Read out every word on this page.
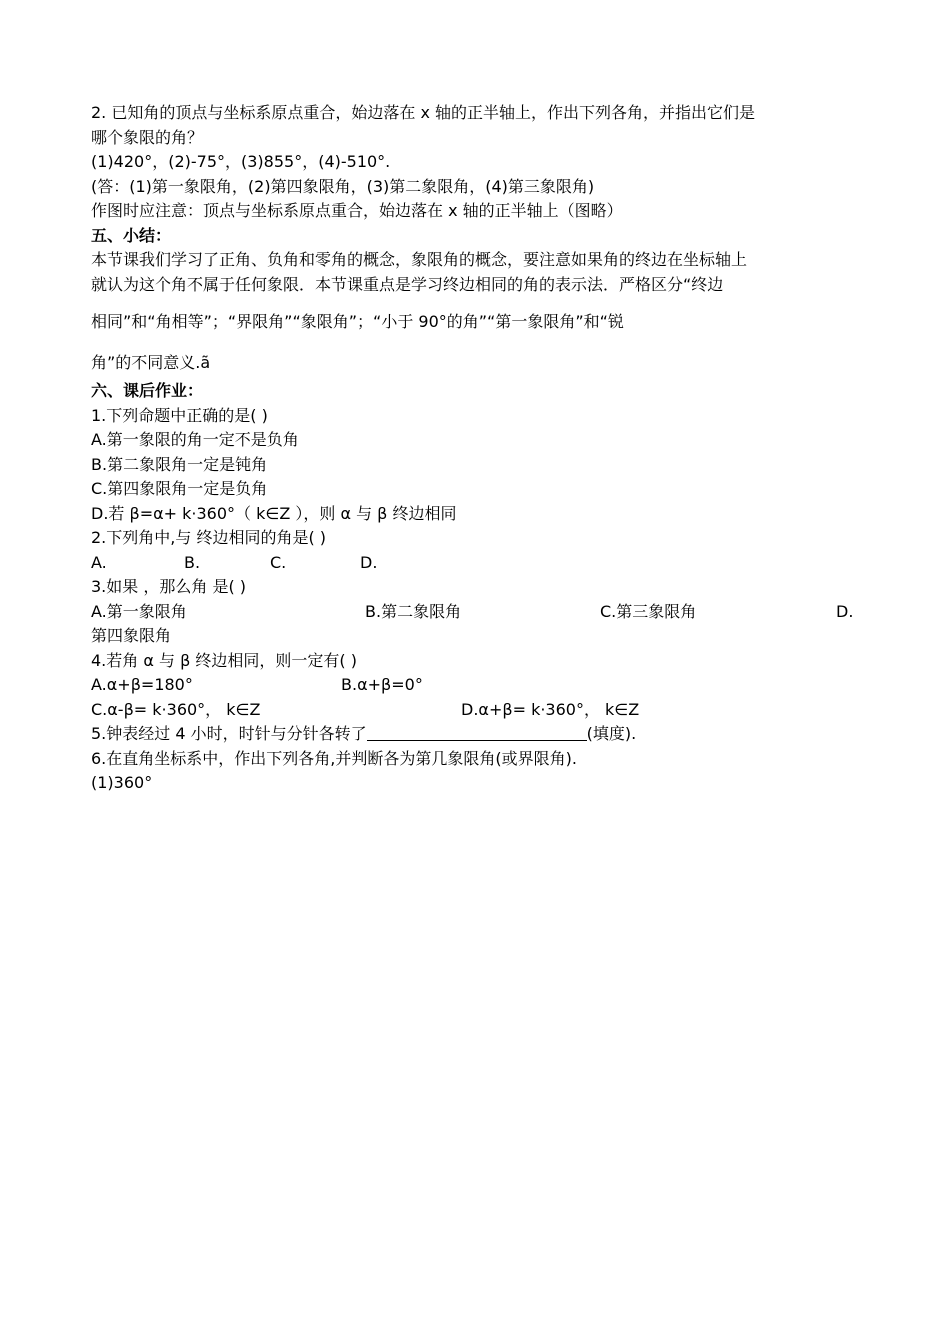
2. 已知角的顶点与坐标系原点重合，始边落在 x 轴的正半轴上，作出下列各角，并指出它们是
哪个象限的角？
(1)420°，(2)-75°，(3)855°，(4)-510°.
(答：(1)第一象限角，(2)第四象限角，(3)第二象限角，(4)第三象限角)
作图时应注意：顶点与坐标系原点重合，始边落在 x 轴的正半轴上（图略）
五、小结：
本节课我们学习了正角、负角和零角的概念，象限角的概念，要注意如果角的终边在坐标轴上
就认为这个角不属于任何象限．本节课重点是学习终边相同的角的表示法．严格区分“终边
相同”和“角相等”；“界限角”“象限角”；“小于 90°的角”“第一象限角”和“锐
角”的不同意义.ã
六、课后作业：
1.下列命题中正确的是( )
A.第一象限的角一定不是负角
B.第二象限角一定是钝角
C.第四象限角一定是负角
D.若 β=α+ k·360°（ k∈Z ），则 α 与 β 终边相同
2.下列角中,与 终边相同的角是( )
A.	B.	C.	D.
3.如果 ，那么角 是( )
A.第一象限角	B.第二象限角	C.第三象限角	D.
第四象限角
4.若角 α 与 β 终边相同，则一定有( )
A.α+β=180°	B.α+β=0°
C.α-β= k·360°， k∈Z	D.α+β= k·360°， k∈Z
5.钟表经过 4 小时，时针与分针各转了	(填度).
6.在直角坐标系中，作出下列各角,并判断各为第几象限角(或界限角).
(1)360°
